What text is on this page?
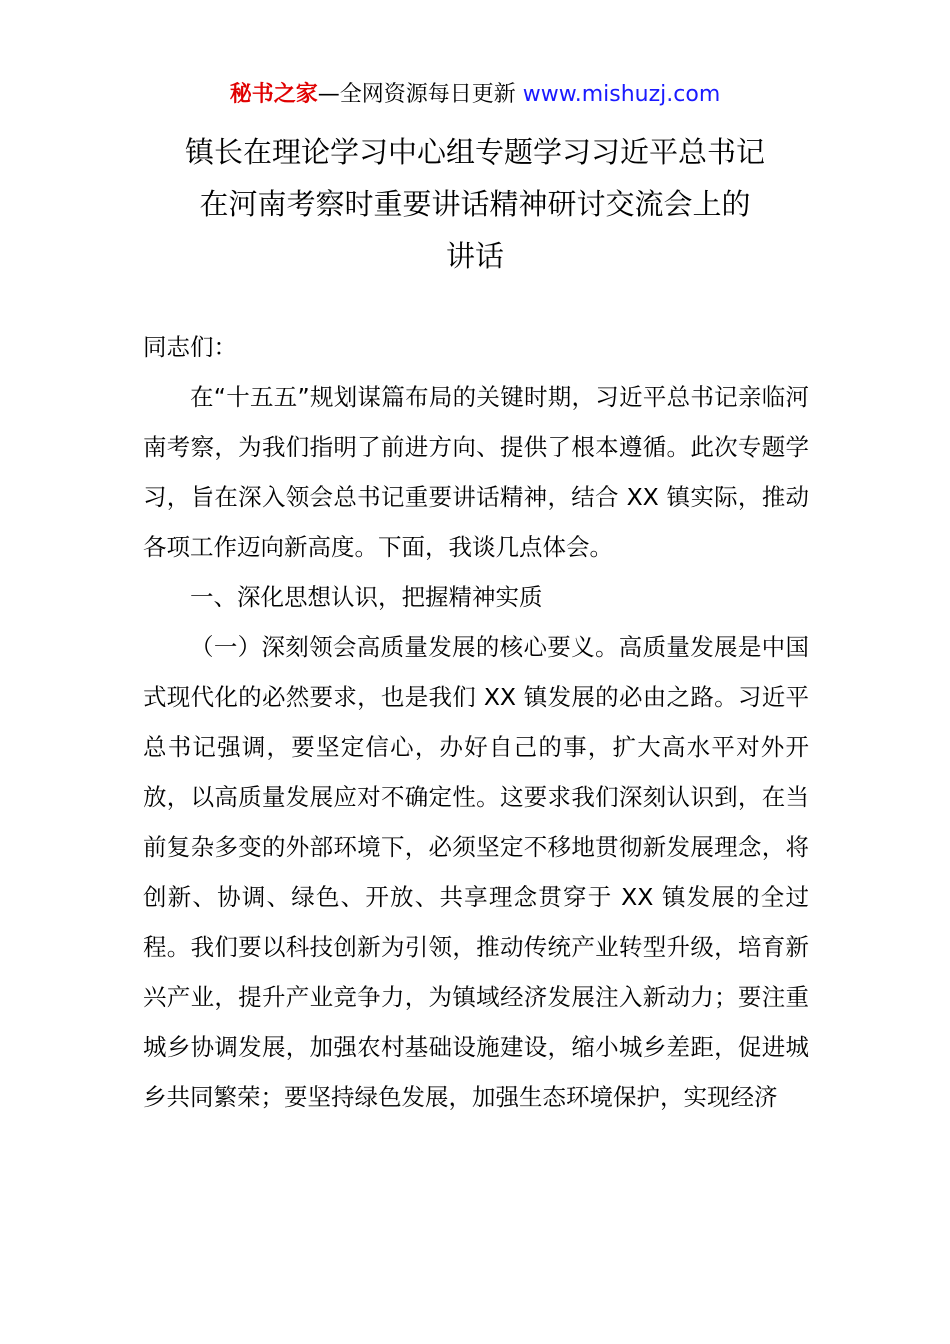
秘书之家—全网资源每日更新 www.mishuzj.com
镇长在理论学习中心组专题学习习近平总书记
在河南考察时重要讲话精神研讨交流会上的
讲话

同志们：

在“十五五”规划谋篇布局的关键时期，习近平总书记亲临河南考察，为我们指明了前进方向、提供了根本遵循。此次专题学习，旨在深入领会总书记重要讲话精神，结合 XX 镇实际，推动各项工作迈向新高度。下面，我谈几点体会。

一、深化思想认识，把握精神实质

（一）深刻领会高质量发展的核心要义。高质量发展是中国式现代化的必然要求，也是我们 XX 镇发展的必由之路。习近平总书记强调，要坚定信心，办好自己的事，扩大高水平对外开放，以高质量发展应对不确定性。这要求我们深刻认识到，在当前复杂多变的外部环境下，必须坚定不移地贯彻新发展理念，将创新、协调、绿色、开放、共享理念贯穿于 XX 镇发展的全过程。我们要以科技创新为引领，推动传统产业转型升级，培育新兴产业，提升产业竞争力，为镇域经济发展注入新动力；要注重城乡协调发展，加强农村基础设施建设，缩小城乡差距，促进城乡共同繁荣；要坚持绿色发展，加强生态环境保护，实现经济
